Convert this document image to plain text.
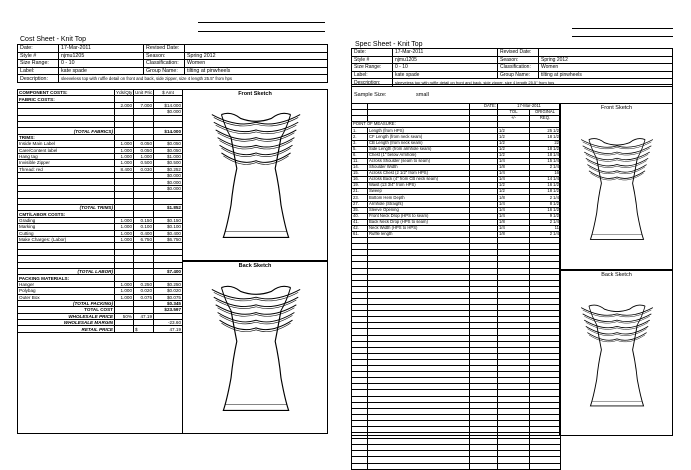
Cost Sheet - Knit Top
Date:	17-Mar-2011	Revised Date:	
Style #	njmu1205	Season:	Spring 2012
Size Range:	0 - 10	Classification:	Women
Label:	kate spade	Group Name:	tilting at pinwheels
Description:	sleeveless top with ruffle detail on front and back, side zipper, size 4 length 25.5" from hps		
COMPONENT COSTS:	Yds/Qty	Unit Pric	$ Amt
FABRIC COSTS:			
	2.000	7.000	$14.000
			$0.000

(TOTAL FABRICS)			$14.000
TRIMS:			
Inside Main Label	1.000	0.050	$0.050
Care/Content label	1.000	0.050	$0.050
Hang tag	1.000	1.000	$1.000
Invisible Zipper	1.000	0.500	$0.500
Thread: red	8.400	0.030	$0.252
			$0.000
			$0.000
			$0.000

(TOTAL TRIMS)			$1.852
CMT/LABOR COSTS:			
Grading	1.000	0.150	$0.150
Marking	1.000	0.100	$0.100
Cutting	1.000	0.400	$0.400
Make Charges: (Labor)	1.000	6.750	$6.750

(TOTAL LABOR)			$7.400
PACKING MATERIALS:			
Hanger	1.000	0.250	$0.250
Polybag	1.000	0.020	$0.020
Outer Box	1.000	0.075	$0.075
(TOTAL PACKING)			$0.345
TOTAL COST			$23.597
WHOLESALE PRICE	50%	47.19	
WHOLESALE MARGIN			-23.60
RETAIL PRICE		$	47.19
Front Sketch
Back Sketch
Spec Sheet - Knit Top
Date:	17-Mar-2011	Revised Date:	
Style #	njmu1205	Season:	Spring 2012
Size Range:	0 - 10	Classification:	Women
Label:	kate spade	Group Name:	tilting at pinwheels
Description:	sleeveless top with ruffle detail on front and back, side zipper, size 4 length 25.5" from hps		
Sample Size:	small
		DATE:	17-Mar-2011	
			TOL	ORIGINAL
			+/-	REQ.
POINT OF MEASURE:				
1.	Length (from HPS)		1/2	25 1/2
2.	CF Length (from neck seam)		1/2	18 1/2
3.	CB Length (from neck seam)		1/2	22
5.	Side Length (from armhole seam)		1/2	18 1/2
6.	Chest (1" below Armhole)		1/2	18 1/4
11.	Across Shoulder (seam to seam)		1/4	15 1/4
14.	Shoulder Width		1/8	2 1/4
15.	Across Chest (2 1/2" from HPS)		1/4	16
16.	Across Back (4" from CB neck seam)		1/4	14 1/4
19.	Waist (13 3/4" from HPS)		1/2	16 1/2
21.	Sweep		1/2	18 1/2
23.	Bottom Hem Depth		1/8	2 1/4
27.	Armhole (Straight)		1/4	8 1/2
35.	Sleeve Opening		1/4	16 1/2
40.	Front Neck Drop (HPS to seam)		1/4	9 1/2
41.	Back Neck Drop (HPS to seam)		1/8	2 1/4
42.	Neck Width (HPS to HPS)		1/4	11
61.	Ruffle length		1/8	2 1/4

Front Sketch
Back Sketch
